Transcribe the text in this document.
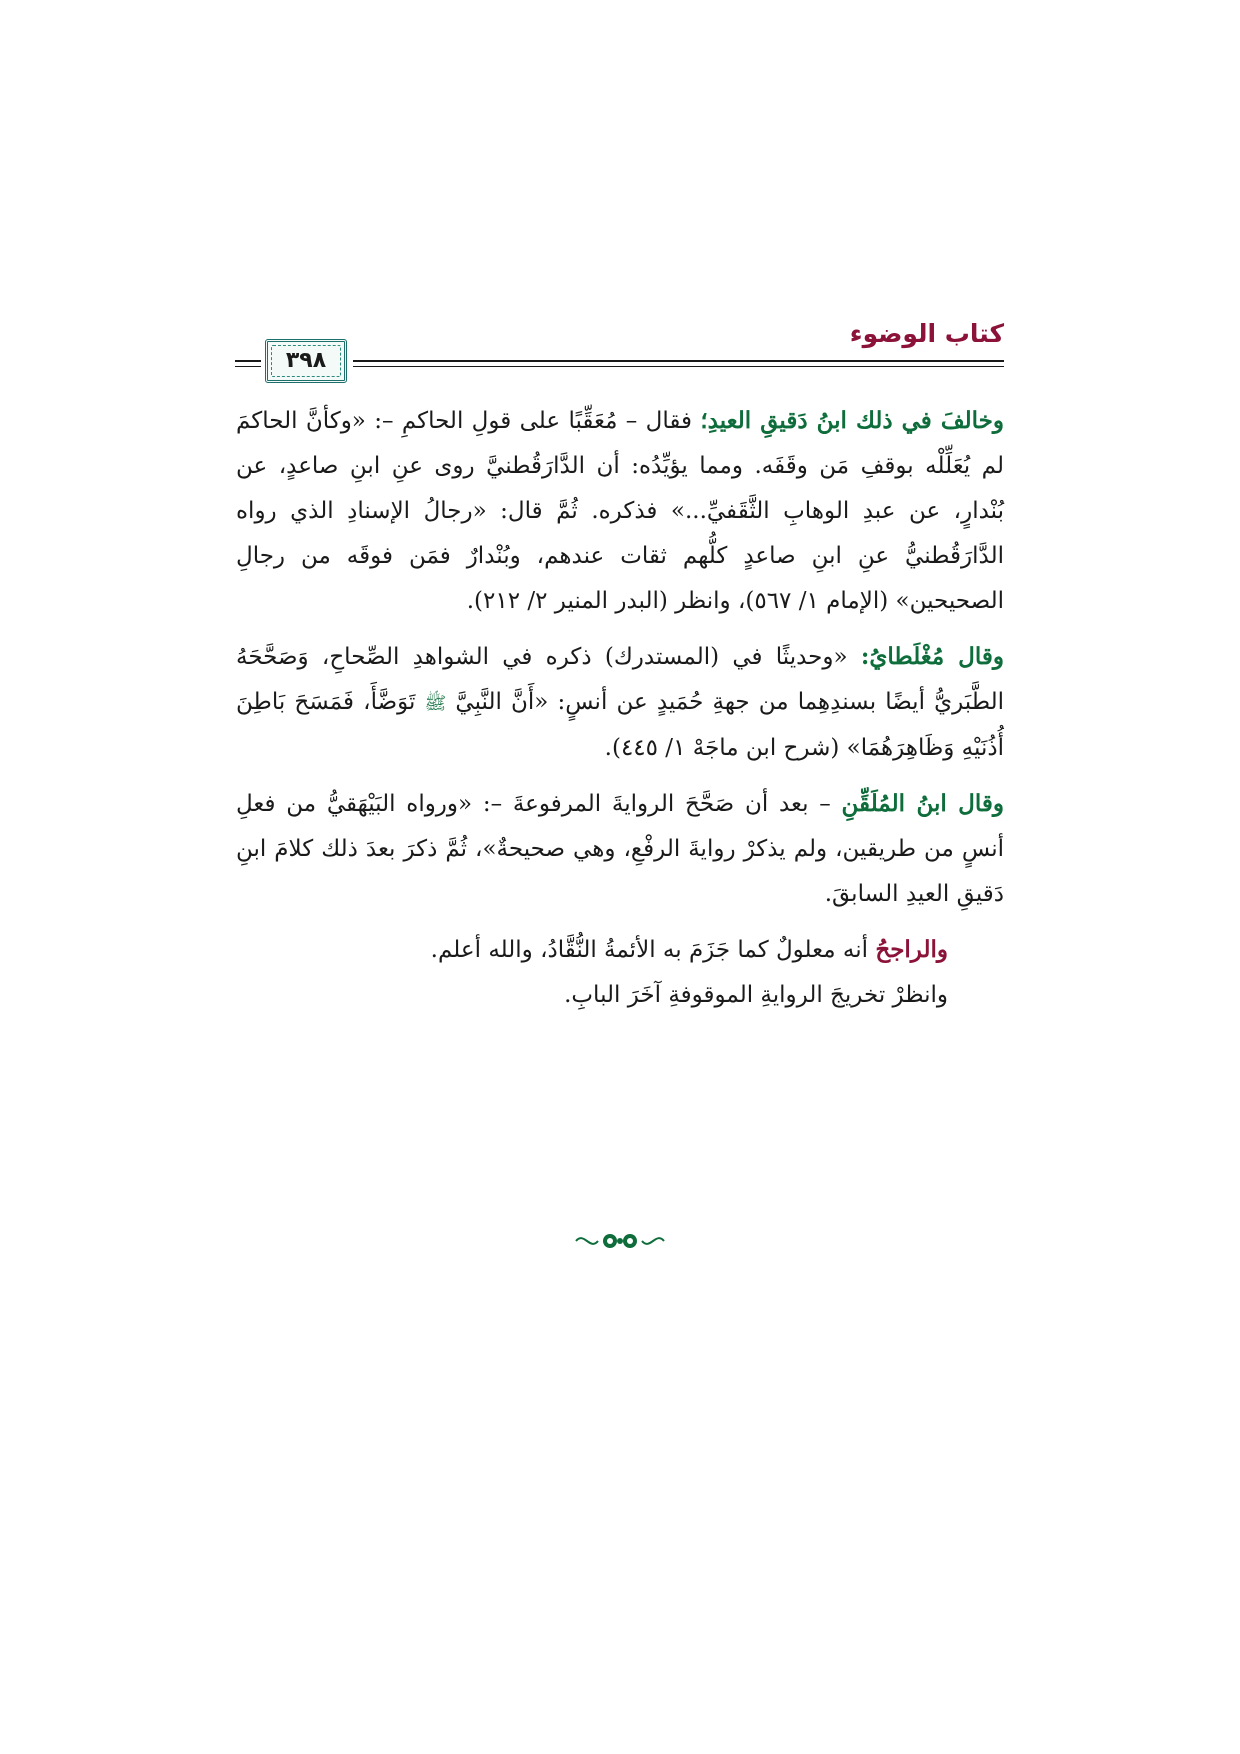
كتاب الوضوء
٣٩٨

وخالفَ في ذلك ابنُ دَقيقِ العيدِ؛ فقال – مُعَقِّبًا على قولِ الحاكمِ –: «وكأنَّ الحاكمَ لم يُعَلِّلْه بوقفِ مَن وقَفَه. ومما يؤيِّدُه: أن الدَّارَقُطنيَّ روى عنِ ابنِ صاعدٍ، عن بُنْدارٍ، عن عبدِ الوهابِ الثَّقَفيِّ...» فذكره. ثُمَّ قال: «رجالُ الإسنادِ الذي رواه الدَّارَقُطنيُّ عنِ ابنِ صاعدٍ كلُّهم ثقات عندهم، وبُنْدارٌ فمَن فوقَه من رجالِ الصحيحين» (الإمام ١/ ٥٦٧)، وانظر (البدر المنير ٢/ ٢١٢).

وقال مُغْلَطايُ: «وحديثًا في (المستدرك) ذكره في الشواهدِ الصِّحاحِ، وَصَحَّحَهُ الطَّبَريُّ أيضًا بسندِهِما من جهةِ حُمَيدٍ عن أنسٍ: «أَنَّ النَّبِيَّ ﷺ تَوَضَّأَ، فَمَسَحَ بَاطِنَ أُذُنَيْهِ وَظَاهِرَهُمَا» (شرح ابن ماجَهْ ١/ ٤٤٥).

وقال ابنُ المُلَقِّنِ – بعد أن صَحَّحَ الروايةَ المرفوعةَ –: «ورواه البَيْهَقيُّ من فعلِ أنسٍ من طريقين، ولم يذكرْ روايةَ الرفْعِ، وهي صحيحةٌ»، ثُمَّ ذكرَ بعدَ ذلك كلامَ ابنِ دَقيقِ العيدِ السابقَ.

والراجحُ أنه معلولٌ كما جَزَمَ به الأئمةُ النُّقَّادُ، والله أعلم.

وانظرْ تخريجَ الروايةِ الموقوفةِ آخَرَ البابِ.
